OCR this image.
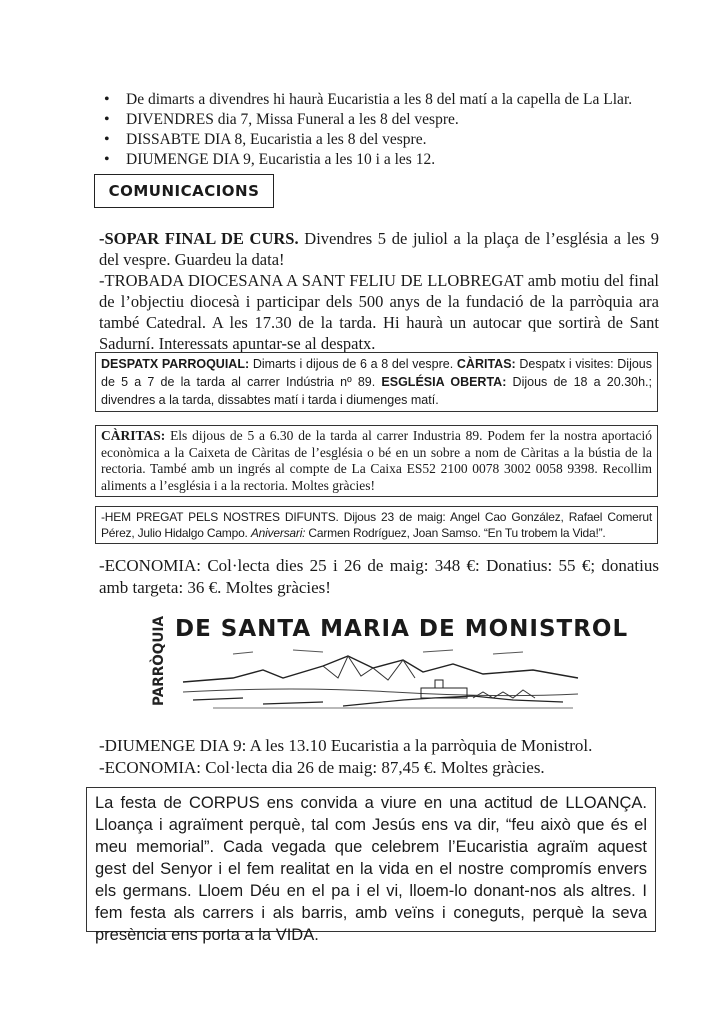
• De dimarts a divendres hi haurà Eucaristia a les 8 del matí a la capella de La Llar.
• DIVENDRES dia 7, Missa Funeral a les 8 del vespre.
• DISSABTE DIA 8, Eucaristia a les 8 del vespre.
• DIUMENGE DIA 9, Eucaristia a les 10 i a les 12.
COMUNICACIONS

-SOPAR FINAL DE CURS. Divendres 5 de juliol a la plaça de l’església a les 9 del vespre. Guardeu la data!

-TROBADA DIOCESANA A SANT FELIU DE LLOBREGAT amb motiu del final de l’objectiu diocesà i participar dels 500 anys de la fundació de la parròquia ara també Catedral. A les 17.30 de la tarda. Hi haurà un autocar que sortirà de Sant Sadurní. Interessats apuntar-se al despatx.

DESPATX PARROQUIAL: Dimarts i dijous de 6 a 8 del vespre. CÀRITAS: Despatx i visites: Dijous de 5 a 7 de la tarda al carrer Indústria nº 89. ESGLÉSIA OBERTA: Dijous de 18 a 20.30h.; divendres a la tarda, dissabtes matí i tarda i diumenges matí.
CÀRITAS: Els dijous de 5 a 6.30 de la tarda al carrer Industria 89. Podem fer la nostra aportació econòmica a la Caixeta de Càritas de l’església o bé en un sobre a nom de Càritas a la bústia de la rectoria. També amb un ingrés al compte de La Caixa ES52 2100 0078 3002 0058 9398. Recollim aliments a l’església i a la rectoria. Moltes gràcies!
-HEM PREGAT PELS NOSTRES DIFUNTS. Dijous 23 de maig: Angel Cao González, Rafael Comerut Pérez, Julio Hidalgo Campo. Aniversari: Carmen Rodríguez, Joan Samso. “En Tu trobem la Vida!”.
-ECONOMIA: Col·lecta dies 25 i 26 de maig: 348 €: Donatius: 55 €; donatius amb targeta: 36 €. Moltes gràcies!
PARRÒQUIA DE SANTA MARIA DE MONISTROL

-DIUMENGE DIA 9: A les 13.10 Eucaristia a la parròquia de Monistrol.

-ECONOMIA: Col·lecta dia 26 de maig: 87,45 €. Moltes gràcies.

La festa de CORPUS ens convida a viure en una actitud de LLOANÇA. Lloança i agraïment perquè, tal com Jesús ens va dir, “feu això que és el meu memorial”. Cada vegada que celebrem l’Eucaristia agraïm aquest gest del Senyor i el fem realitat en la vida en el nostre compromís envers els germans. Lloem Déu en el pa i el vi, lloem-lo donant-nos als altres. I fem festa als carrers i als barris, amb veïns i coneguts, perquè la seva presència ens porta a la VIDA.
